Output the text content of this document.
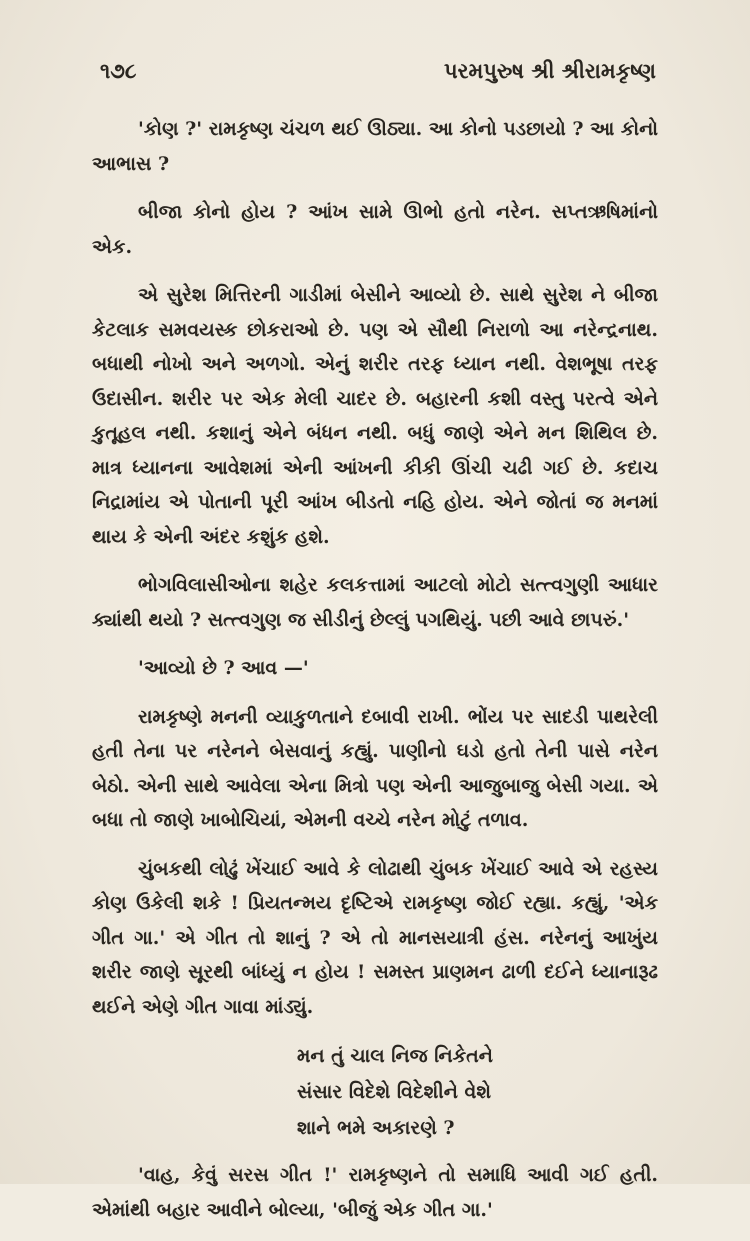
૧૭૮	પરમપુરુષ શ્રી શ્રીરામકૃષ્ણ

'કોણ ?' રામકૃષ્ણ ચંચળ થઈ ઊઠ્યા. આ કોનો પડછાયો ? આ કોનો આભાસ ?

બીજા કોનો હોય ? આંખ સામે ઊભો હતો નરેન. સપ્તઋષિમાંનો એક.

એ સુરેશ મિત્તિરની ગાડીમાં બેસીને આવ્યો છે. સાથે સુરેશ ને બીજા કેટલાક સમવયસ્ક છોકરાઓ છે. પણ એ સૌથી નિરાળો આ નરેન્દ્રનાથ. બધાથી નોખો અને અળગો. એનું શરીર તરફ ધ્યાન નથી. વેશભૂષા તરફ ઉદાસીન. શરીર પર એક મેલી ચાદર છે. બહારની કશી વસ્તુ પરત્વે એને કુતૂહલ નથી. કશાનું એને બંધન નથી. બધું જાણે એને મન શિથિલ છે. માત્ર ધ્યાનના આવેશમાં એની આંખની કીકી ઊંચી ચઢી ગઈ છે. કદાચ નિદ્રામાંય એ પોતાની પૂરી આંખ બીડતો નહિ હોય. એને જોતાં જ મનમાં થાય કે એની અંદર કશુંક હશે.

ભોગવિલાસીઓના શહેર કલકત્તામાં આટલો મોટો સત્ત્વગુણી આધાર ક્યાંથી થયો ? સત્ત્વગુણ જ સીડીનું છેલ્લું પગથિયું. પછી આવે છાપરું.'

'આવ્યો છે ? આવ —'

રામકૃષ્ણે મનની વ્યાકુળતાને દબાવી રાખી. ભોંય પર સાદડી પાથરેલી હતી તેના પર નરેનને બેસવાનું કહ્યું. પાણીનો ઘડો હતો તેની પાસે નરેન બેઠો. એની સાથે આવેલા એના મિત્રો પણ એની આજુબાજુ બેસી ગયા. એ બધા તો જાણે ખાબોચિયાં, એમની વચ્ચે નરેન મોટું તળાવ.

ચુંબકથી લોઢું ખેંચાઈ આવે કે લોઢાથી ચુંબક ખેંચાઈ આવે એ રહસ્ય કોણ ઉકેલી શકે ! પ્રિયતન્મય દૃષ્ટિએ રામકૃષ્ણ જોઈ રહ્યા. કહ્યું, 'એક ગીત ગા.' એ ગીત તો શાનું ? એ તો માનસયાત્રી હંસ. નરેનનું આખુંય શરીર જાણે સૂરથી બાંધ્યું ન હોય ! સમસ્ત પ્રાણમન ઢાળી દઈને ધ્યાનારૂઢ થઈને એણે ગીત ગાવા માંડ્યું.

મન તું ચાલ નિજ નિકેતને
સંસાર વિદેશે વિદેશીને વેશે
શાને ભમે અકારણે ?

'વાહ, કેવું સરસ ગીત !' રામકૃષ્ણને તો સમાધિ આવી ગઈ હતી. એમાંથી બહાર આવીને બોલ્યા, 'બીજું એક ગીત ગા.'
